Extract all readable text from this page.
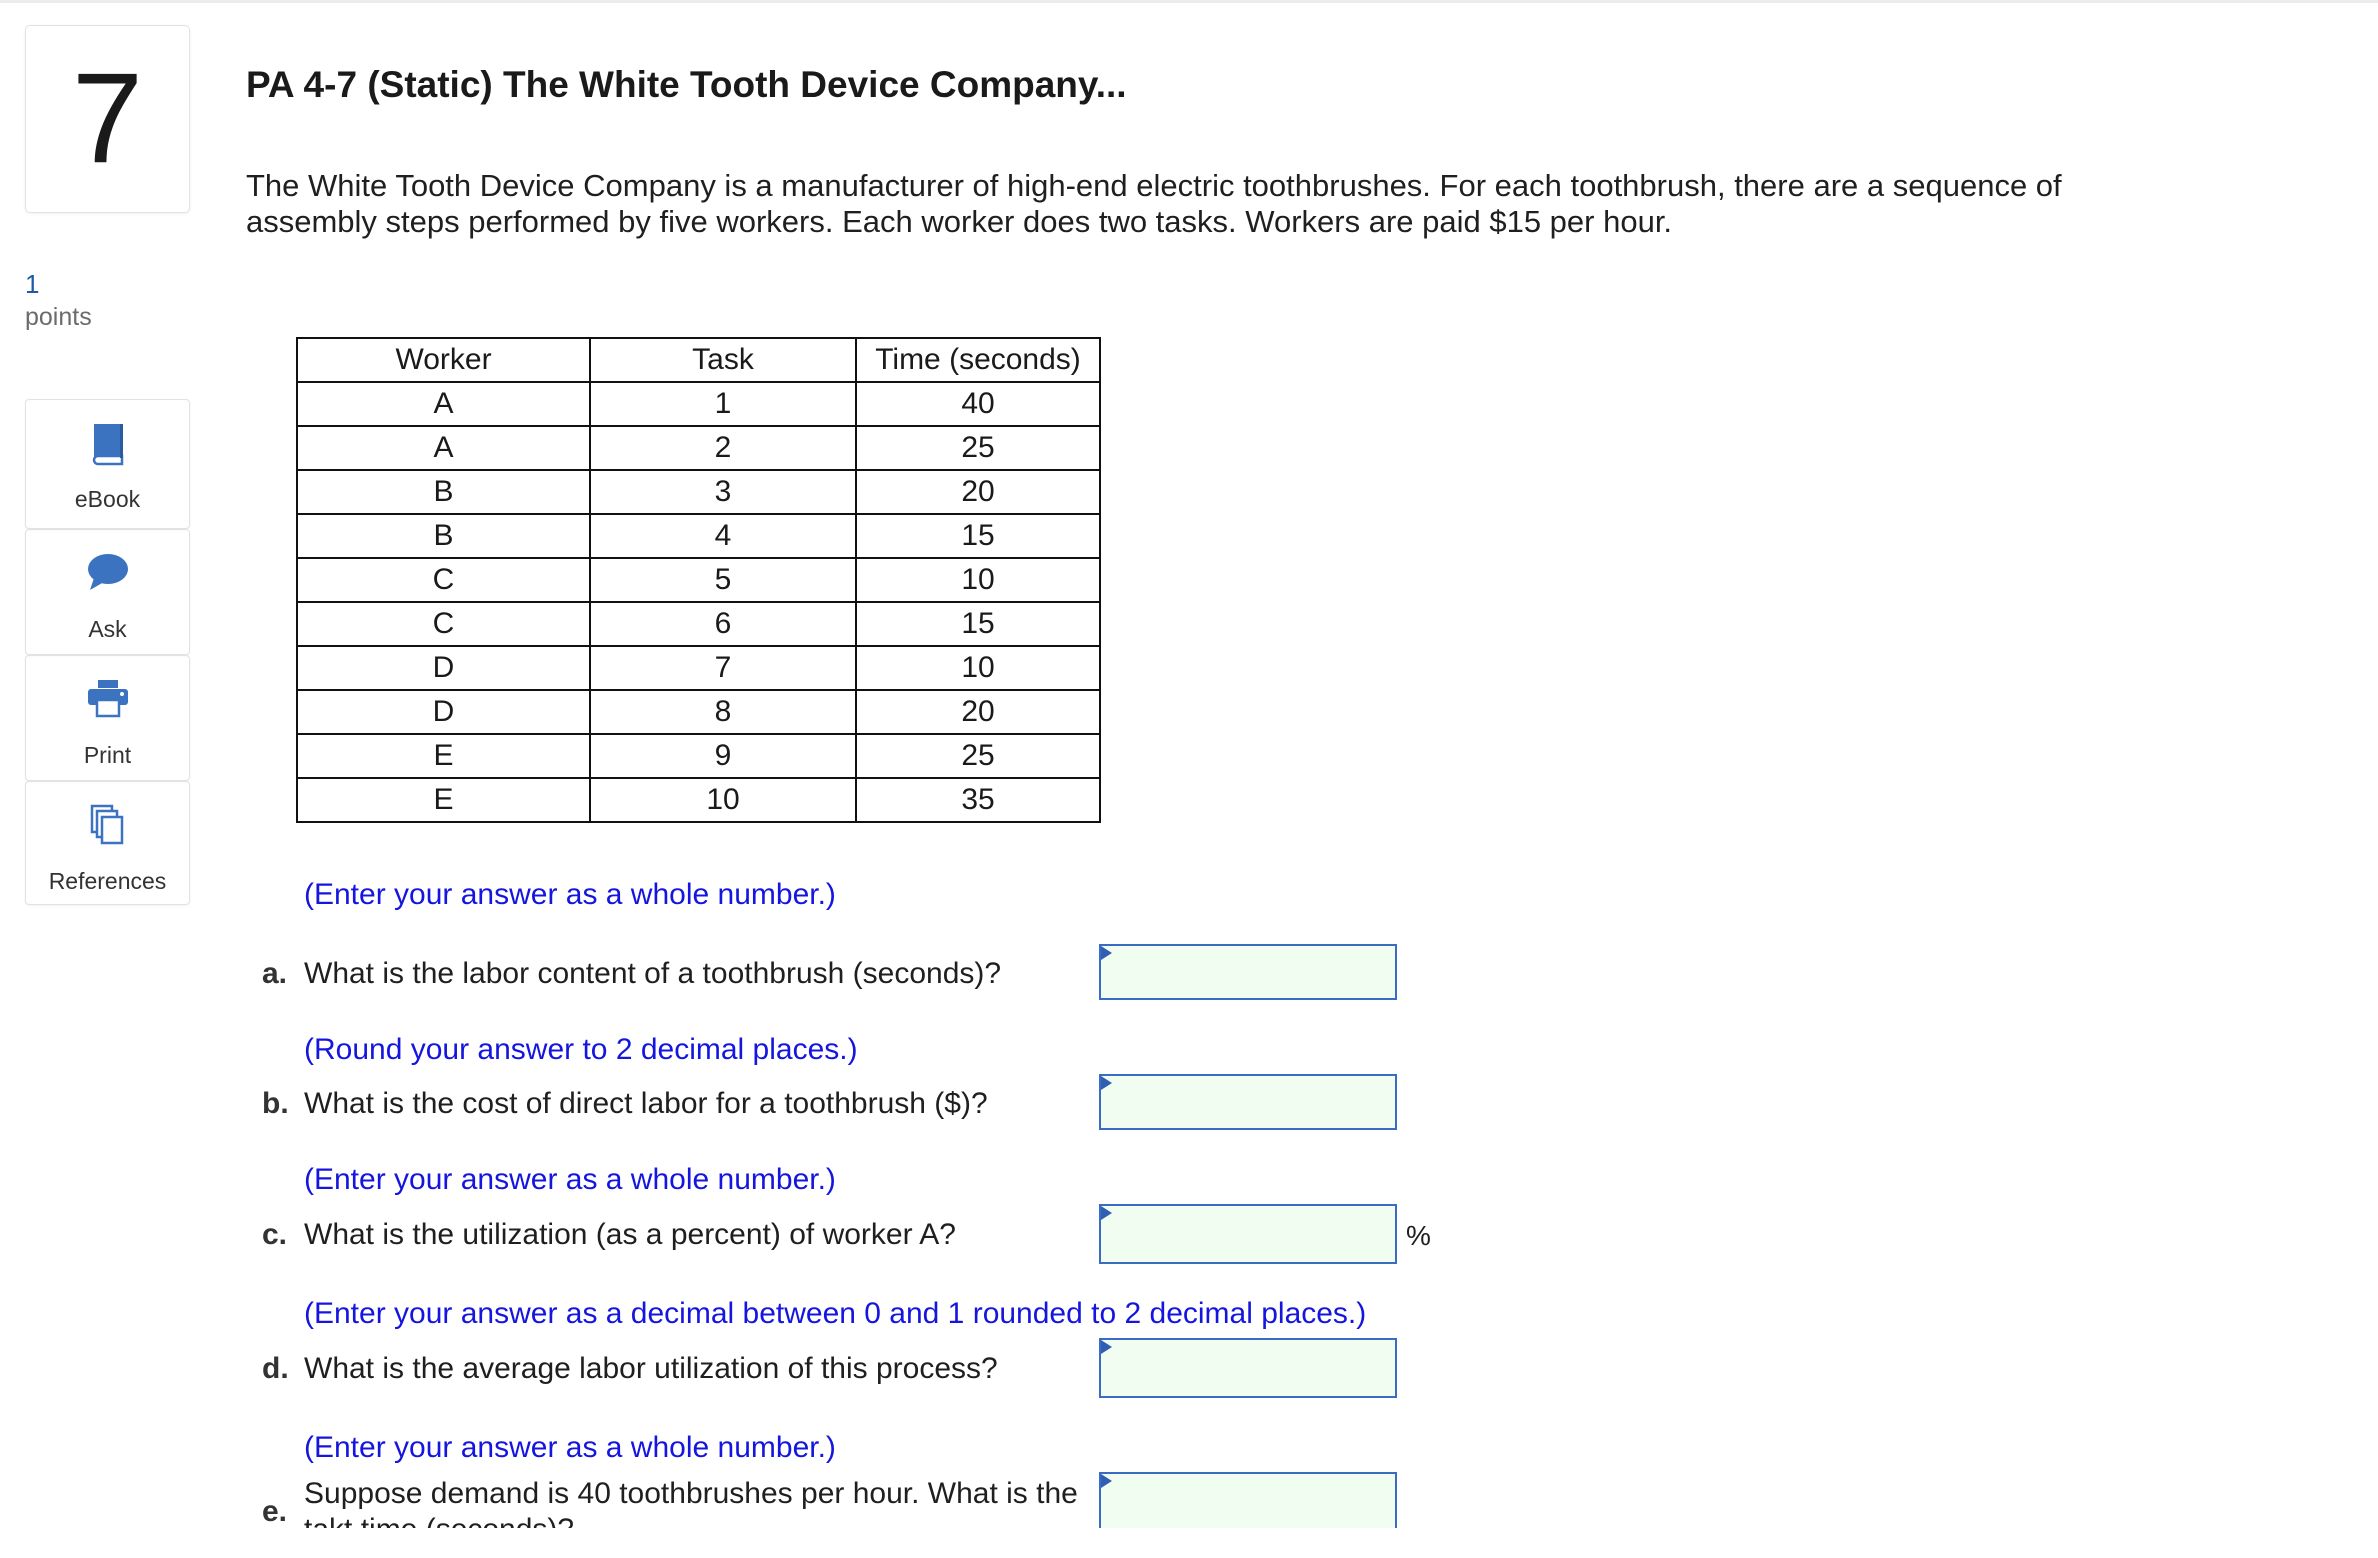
7
1
points
eBook
Ask
Print
References
PA 4-7 (Static) The White Tooth Device Company...
The White Tooth Device Company is a manufacturer of high-end electric toothbrushes. For each toothbrush, there are a sequence of assembly steps performed by five workers. Each worker does two tasks. Workers are paid $15 per hour.
Worker	Task	Time (seconds)
A	1	40
A	2	25
B	3	20
B	4	15
C	5	10
C	6	15
D	7	10
D	8	20
E	9	25
E	10	35
(Enter your answer as a whole number.)
a. What is the labor content of a toothbrush (seconds)?
(Round your answer to 2 decimal places.)
b. What is the cost of direct labor for a toothbrush ($)?
(Enter your answer as a whole number.)
c. What is the utilization (as a percent) of worker A?	%
(Enter your answer as a decimal between 0 and 1 rounded to 2 decimal places.)
d. What is the average labor utilization of this process?
(Enter your answer as a whole number.)
e.
Suppose demand is 40 toothbrushes per hour. What is the
